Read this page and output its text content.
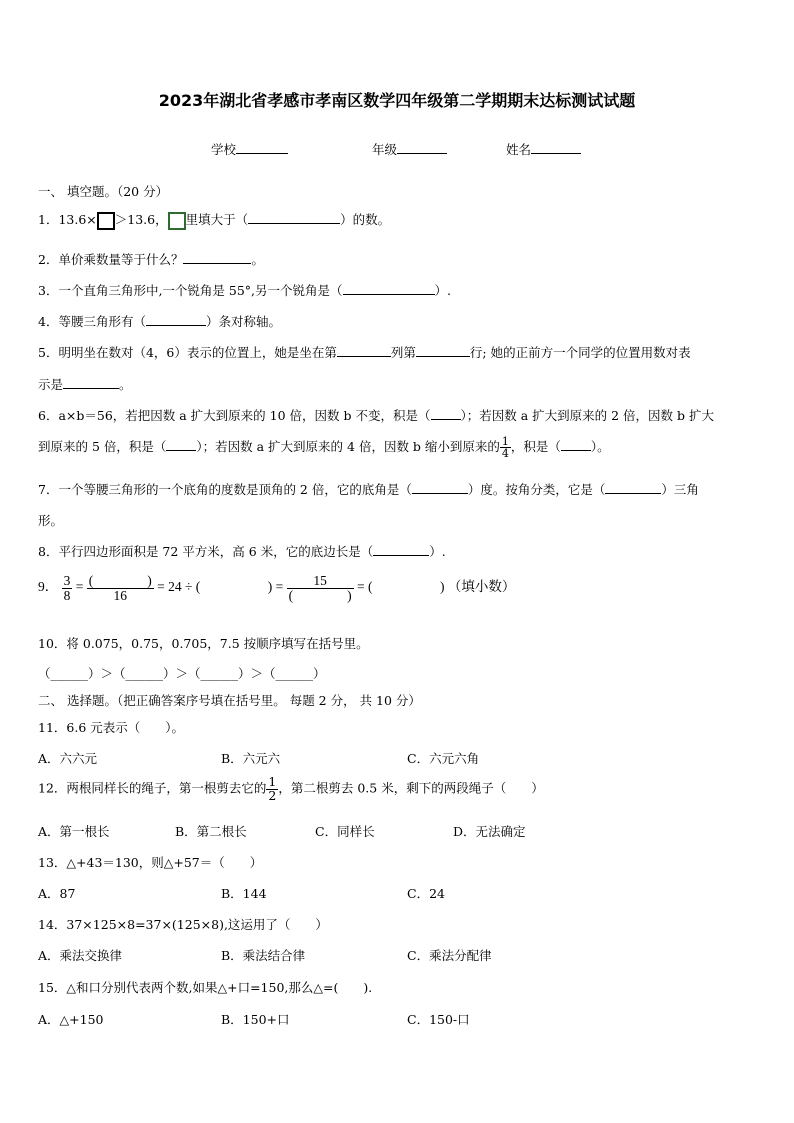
2023年湖北省孝感市孝南区数学四年级第二学期期末达标测试试题
学校	年级	姓名
一、 填空题。（20 分）
1．13.6× ＞13.6， 里填大于（	）的数。
2．单价乘数量等于什么？	。
3．一个直角三角形中,一个锐角是 55°,另一个锐角是（	）.
4．等腰三角形有（	）条对称轴。
5．明明坐在数对（4，6）表示的位置上，她是坐在第	列第	行; 她的正前方一个同学的位置用数对表
示是	。
6．a×b＝56，若把因数 a 扩大到原来的 10 倍，因数 b 不变，积是（ ）；若因数 a 扩大到原来的 2 倍，因数 b 扩大
到原来的 5 倍，积是（ ）；若因数 a 扩大到原来的 4 倍，因数 b 缩小到原来的 $\frac{1}{4}$ ，积是（ ）。
7．一个等腰三角形的一个底角的度数是顶角的 2 倍，它的底角是（	）度。按角分类，它是（	）三角
形。
8．平行四边形面积是 72 平方米，高 6 米，它的底边长是（	）.
9． $\frac{3}{8} = \frac{( )}{16} = 24$ ÷ (　　　　　) = $\frac{15}{( )}$ = (　　　　　) （填小数）
10．将 0.075，0.75，0.705，7.5 按顺序填写在括号里。
（______）＞（______）＞（______）＞（______）
二、 选择题。（把正确答案序号填在括号里。 每题 2 分， 共 10 分）
11．6.6 元表示（　　）。
A．六六元	B．六元六	C．六元六角
12．两根同样长的绳子，第一根剪去它的 $\frac{1}{2}$ ，第二根剪去 0.5 米，剩下的两段绳子（　　）
A．第一根长	B．第二根长	C．同样长	D．无法确定
13．△+43＝130，则△+57＝（　　）
A．87	B．144	C．24
14．37×125×8=37×(125×8),这运用了（　　）
A．乘法交换律	B．乘法结合律	C．乘法分配律
15．△和口分别代表两个数,如果△+口=150,那么△=(　　).
A．△+150	B．150+口	C．150-口
